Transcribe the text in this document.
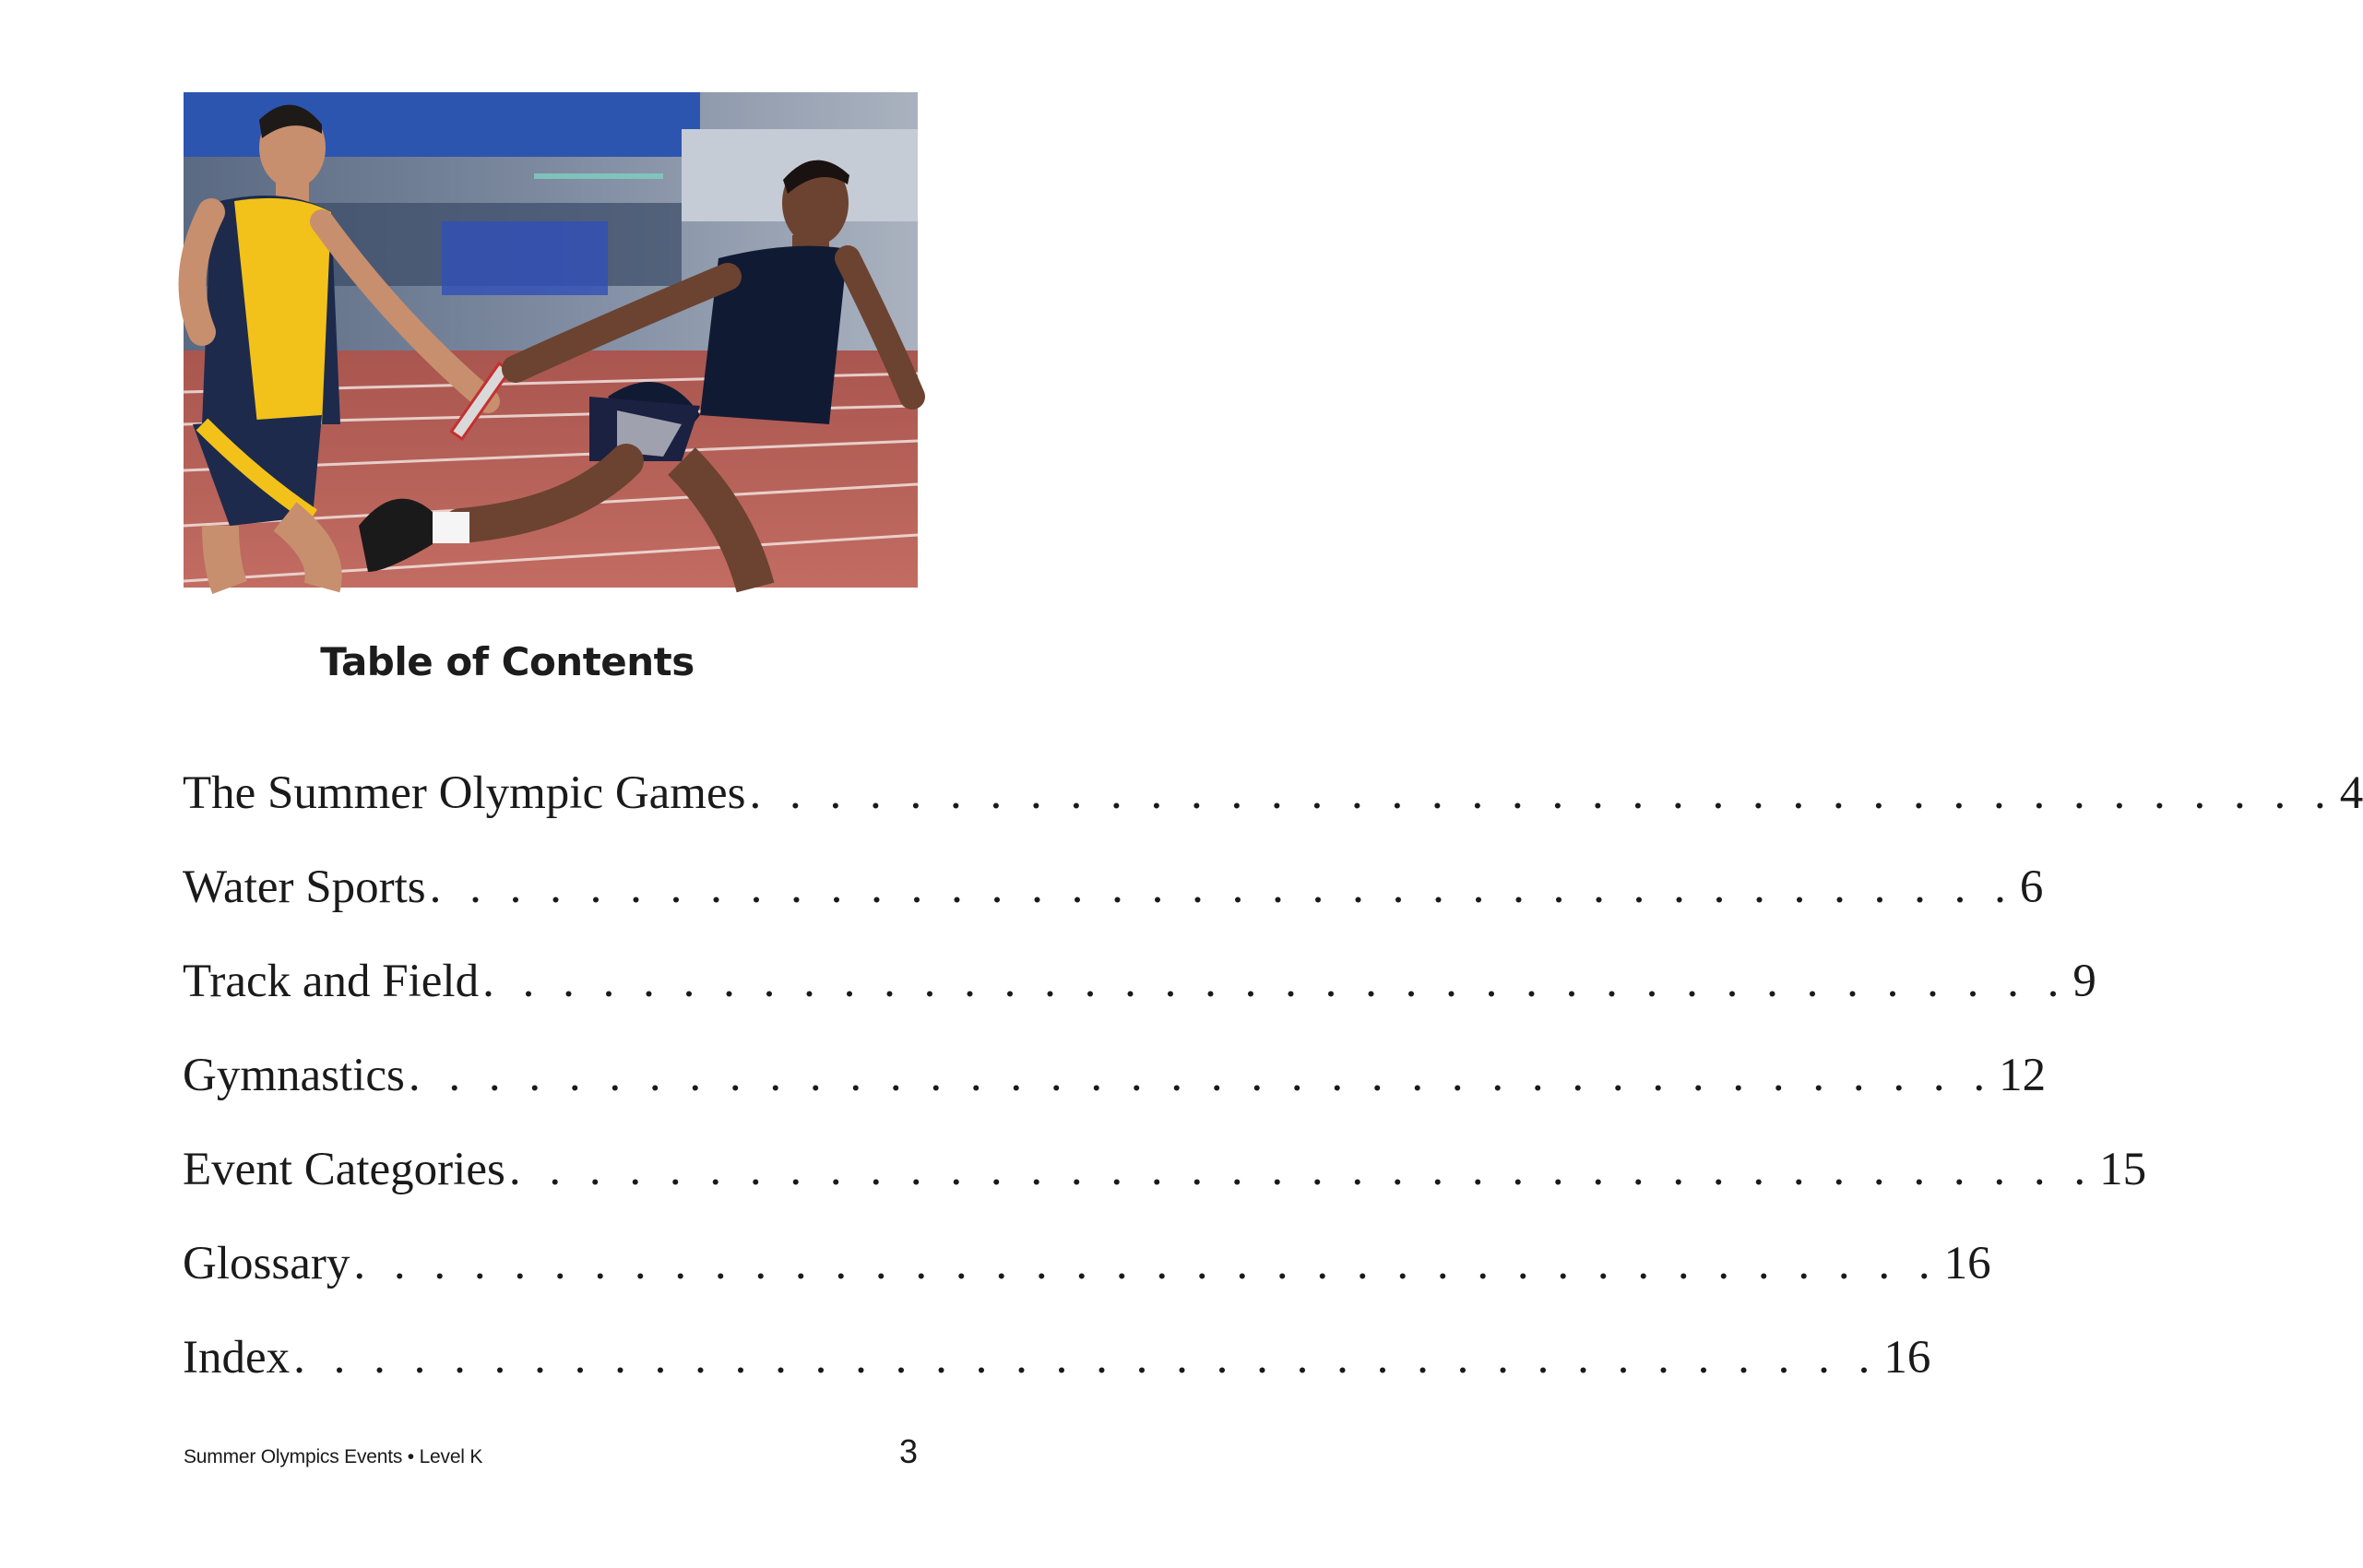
Table of Contents
The Summer Olympic Games . . . . . . . . . . . . . . . . . . . . . . . . . . . . . . . . . . . . . . . . 4
Water Sports . . . . . . . . . . . . . . . . . . . . . . . . . . . . . . . . . . . . . . . . 6
Track and Field . . . . . . . . . . . . . . . . . . . . . . . . . . . . . . . . . . . . . . . . 9
Gymnastics . . . . . . . . . . . . . . . . . . . . . . . . . . . . . . . . . . . . . . . . 12
Event Categories . . . . . . . . . . . . . . . . . . . . . . . . . . . . . . . . . . . . . . . . 15
Glossary . . . . . . . . . . . . . . . . . . . . . . . . . . . . . . . . . . . . . . . . 16
Index . . . . . . . . . . . . . . . . . . . . . . . . . . . . . . . . . . . . . . . . 16
Summer Olympics Events • Level K	3
